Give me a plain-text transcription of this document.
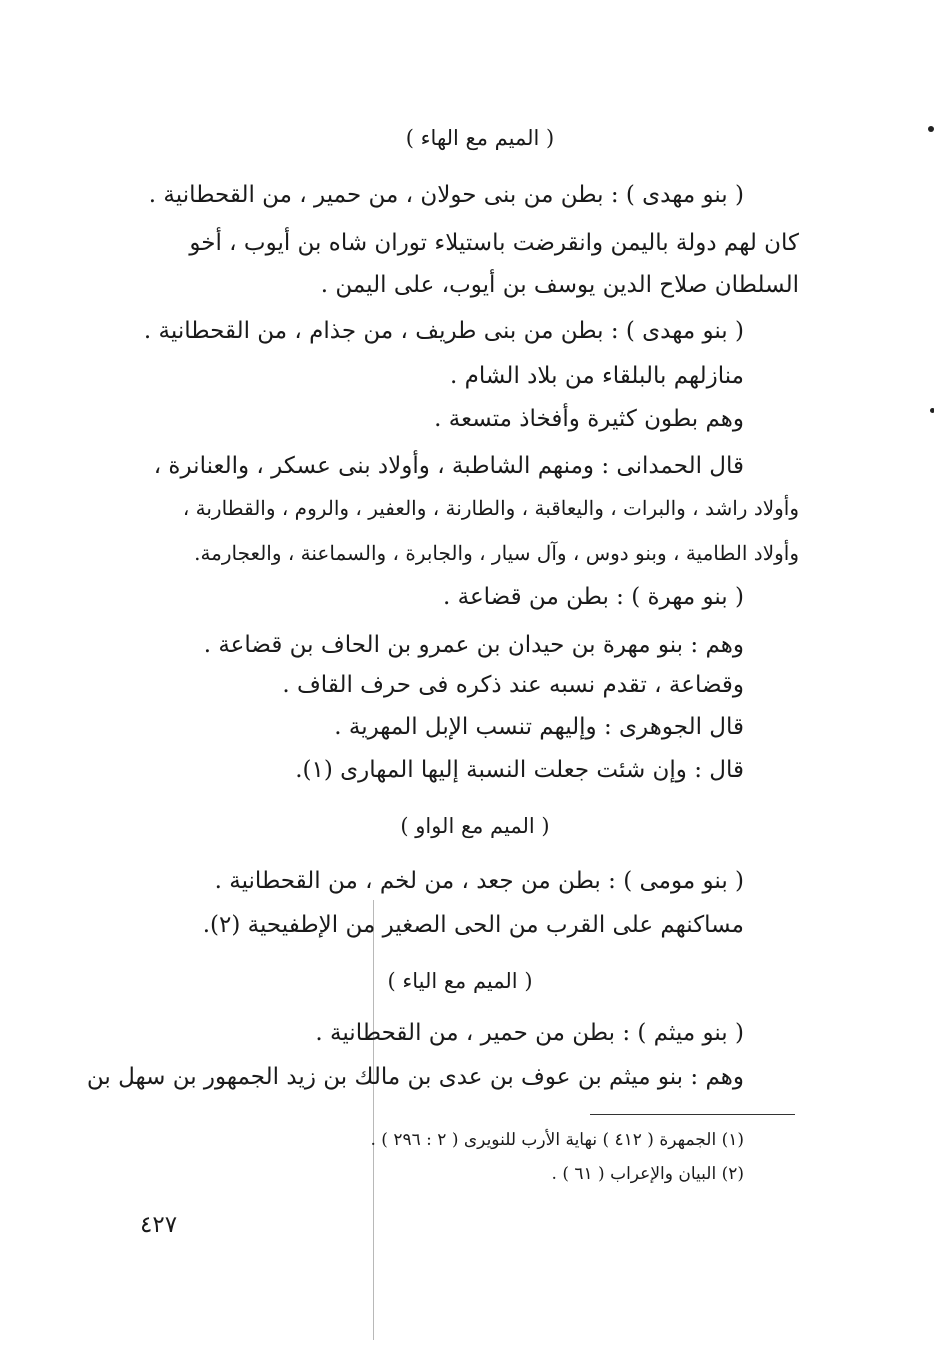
( الميم مع الهاء )
( بنو مهدى ) : بطن من بنى حولان ، من حمير ، من القحطانية .
كان لهم دولة باليمن وانقرضت باستيلاء توران شاه بن أيوب ، أخو
السلطان صلاح الدين يوسف بن أيوب، على اليمن .
( بنو مهدى ) : بطن من بنى طريف ، من جذام ، من القحطانية .
منازلهم بالبلقاء من بلاد الشام .
وهم بطون كثيرة وأفخاذ متسعة .
قال الحمدانى : ومنهم الشاطبة ، وأولاد بنى عسكر ، والعنانرة ،
وأولاد راشد ، والبرات ، واليعاقبة ، والطارنة ، والعفير ، والروم ، والقطاربة ،
وأولاد الطامية ، وبنو دوس ، وآل سيار ، والجابرة ، والسماعنة ، والعجارمة.
( بنو مهرة ) : بطن من قضاعة .
وهم : بنو مهرة بن حيدان بن عمرو بن الحاف بن قضاعة .
وقضاعة ، تقدم نسبه عند ذكره فى حرف القاف .
قال الجوهرى : وإليهم تنسب الإبل المهرية .
قال : وإن شئت جعلت النسبة إليها المهارى (١).
( الميم مع الواو )
( بنو مومى ) : بطن من جعد ، من لخم ، من القحطانية .
مساكنهم على القرب من الحى الصغير من الإطفيحية (٢).
( الميم مع الياء )
( بنو ميثم ) : بطن من حمير ، من القحطانية .
وهم : بنو ميثم بن عوف بن عدى بن مالك بن زيد الجمهور بن سهل بن
(١) الجمهرة ( ٤١٢ ) نهاية الأرب للنويرى ( ٢ : ٢٩٦ ) .
(٢) البيان والإعراب ( ٦١ ) .
٤٢٧
